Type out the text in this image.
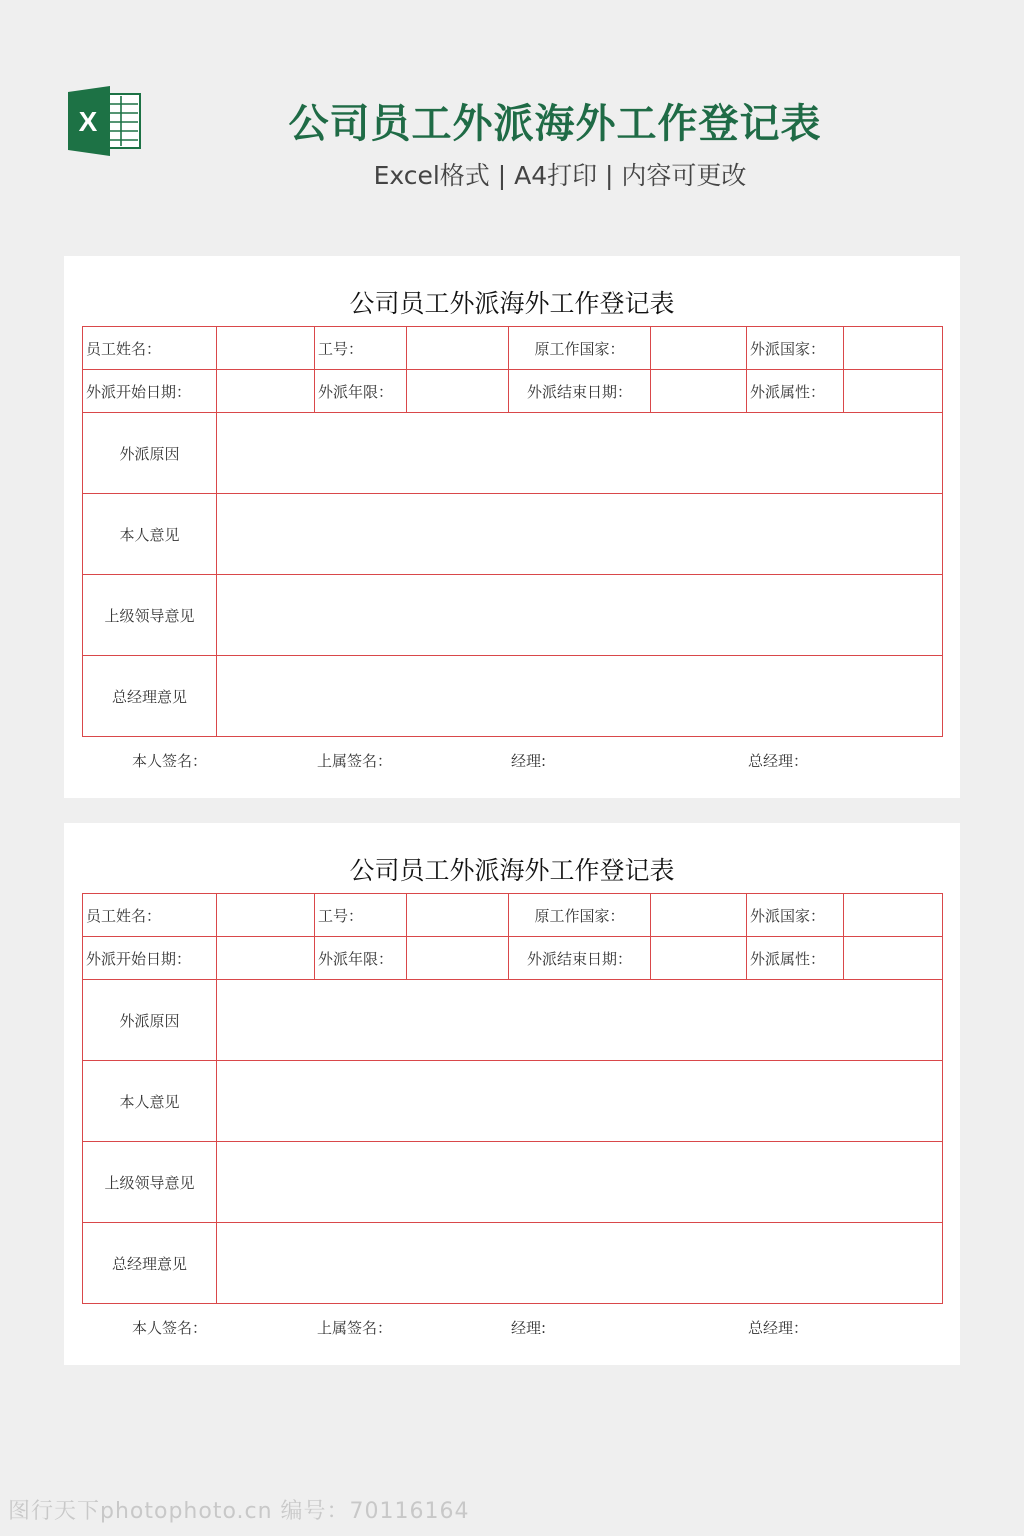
X	公司员工外派海外工作登记表
Excel格式 | A4打印 | 内容可更改
公司员工外派海外工作登记表
员工姓名：		工号：		原工作国家：		外派国家：	
外派开始日期：		外派年限：		外派结束日期：		外派属性：	
外派原因							
本人意见							
上级领导意见							
总经理意见							
本人签名：	上属签名：	经理:	总经理：
公司员工外派海外工作登记表
员工姓名：		工号：		原工作国家：		外派国家：	
外派开始日期：		外派年限：		外派结束日期：		外派属性：	
外派原因							
本人意见							
上级领导意见							
总经理意见							
本人签名：	上属签名：	经理:	总经理：
图行天下photophoto.cn 编号：70116164
